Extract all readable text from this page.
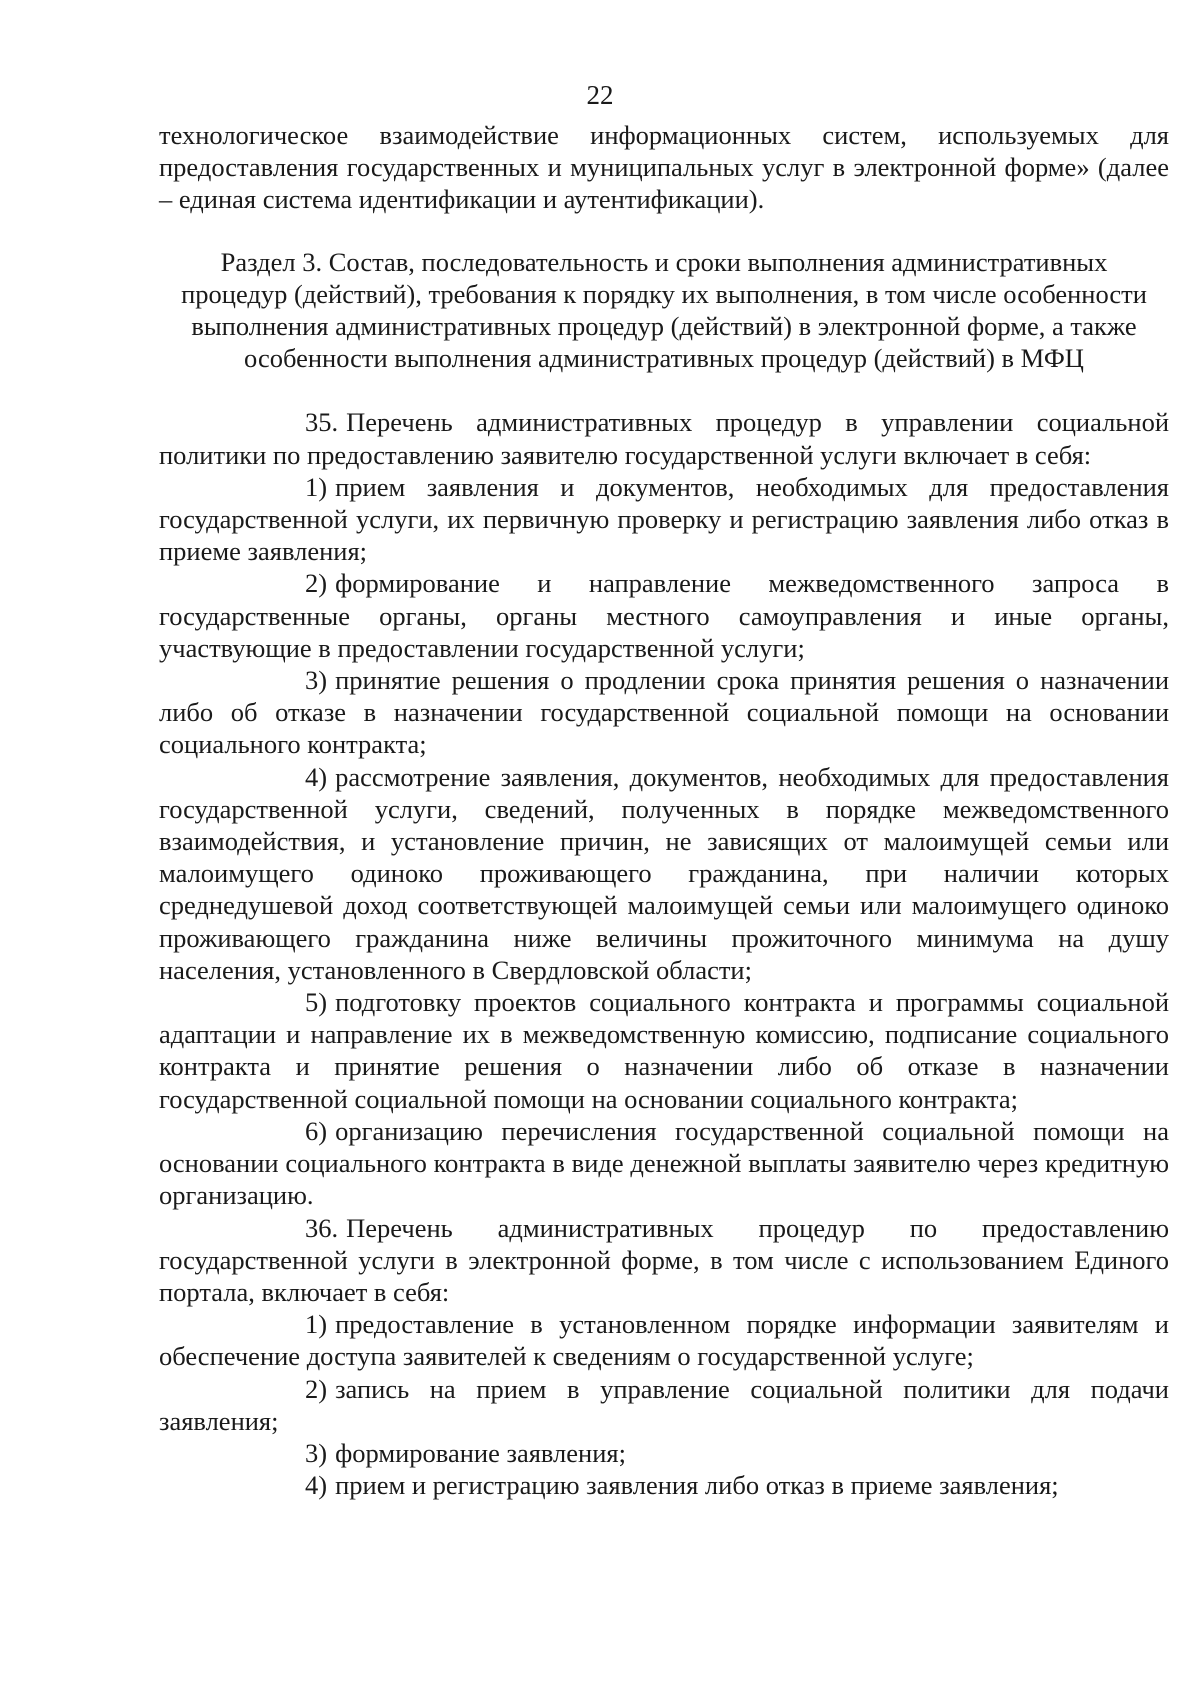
22

технологическое взаимодействие информационных систем, используемых для предоставления государственных и муниципальных услуг в электронной форме» (далее – единая система идентификации и аутентификации).

Раздел 3. Состав, последовательность и сроки выполнения административных процедур (действий), требования к порядку их выполнения, в том числе особенности выполнения административных процедур (действий) в электронной форме, а также особенности выполнения административных процедур (действий) в МФЦ

35. Перечень административных процедур в управлении социальной политики по предоставлению заявителю государственной услуги включает в себя:

1) прием заявления и документов, необходимых для предоставления государственной услуги, их первичную проверку и регистрацию заявления либо отказ в приеме заявления;

2) формирование и направление межведомственного запроса в государственные органы, органы местного самоуправления и иные органы, участвующие в предоставлении государственной услуги;

3) принятие решения о продлении срока принятия решения о назначении либо об отказе в назначении государственной социальной помощи на основании социального контракта;

4) рассмотрение заявления, документов, необходимых для предоставления государственной услуги, сведений, полученных в порядке межведомственного взаимодействия, и установление причин, не зависящих от малоимущей семьи или малоимущего одиноко проживающего гражданина, при наличии которых среднедушевой доход соответствующей малоимущей семьи или малоимущего одиноко проживающего гражданина ниже величины прожиточного минимума на душу населения, установленного в Свердловской области;

5) подготовку проектов социального контракта и программы социальной адаптации и направление их в межведомственную комиссию, подписание социального контракта и принятие решения о назначении либо об отказе в назначении государственной социальной помощи на основании социального контракта;

6) организацию перечисления государственной социальной помощи на основании социального контракта в виде денежной выплаты заявителю через кредитную организацию.

36. Перечень административных процедур по предоставлению государственной услуги в электронной форме, в том числе с использованием Единого портала, включает в себя:

1) предоставление в установленном порядке информации заявителям и обеспечение доступа заявителей к сведениям о государственной услуге;

2) запись на прием в управление социальной политики для подачи заявления;

3) формирование заявления;

4) прием и регистрацию заявления либо отказ в приеме заявления;
